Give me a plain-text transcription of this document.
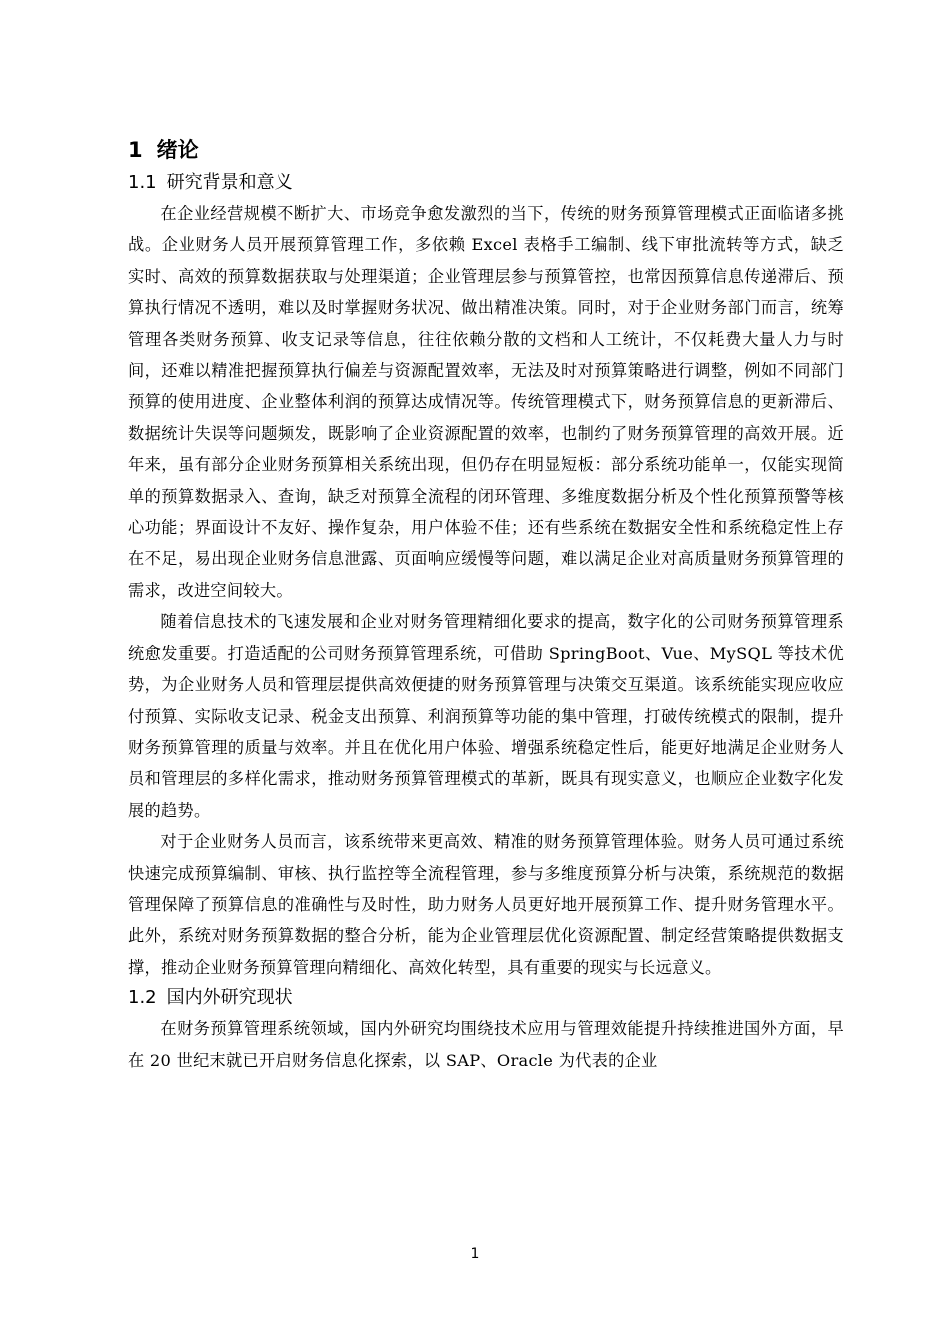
1 绪论
1.1 研究背景和意义

在企业经营规模不断扩大、市场竞争愈发激烈的当下，传统的财务预算管理模式正面临诸多挑战。企业财务人员开展预算管理工作，多依赖 Excel 表格手工编制、线下审批流转等方式，缺乏实时、高效的预算数据获取与处理渠道；企业管理层参与预算管控，也常因预算信息传递滞后、预算执行情况不透明，难以及时掌握财务状况、做出精准决策。同时，对于企业财务部门而言，统筹管理各类财务预算、收支记录等信息，往往依赖分散的文档和人工统计，不仅耗费大量人力与时间，还难以精准把握预算执行偏差与资源配置效率，无法及时对预算策略进行调整，例如不同部门预算的使用进度、企业整体利润的预算达成情况等。传统管理模式下，财务预算信息的更新滞后、数据统计失误等问题频发，既影响了企业资源配置的效率，也制约了财务预算管理的高效开展。近年来，虽有部分企业财务预算相关系统出现，但仍存在明显短板：部分系统功能单一，仅能实现简单的预算数据录入、查询，缺乏对预算全流程的闭环管理、多维度数据分析及个性化预算预警等核心功能；界面设计不友好、操作复杂，用户体验不佳；还有些系统在数据安全性和系统稳定性上存在不足，易出现企业财务信息泄露、页面响应缓慢等问题，难以满足企业对高质量财务预算管理的需求，改进空间较大。

随着信息技术的飞速发展和企业对财务管理精细化要求的提高，数字化的公司财务预算管理系统愈发重要。打造适配的公司财务预算管理系统，可借助 SpringBoot、Vue、MySQL 等技术优势，为企业财务人员和管理层提供高效便捷的财务预算管理与决策交互渠道。该系统能实现应收应付预算、实际收支记录、税金支出预算、利润预算等功能的集中管理，打破传统模式的限制，提升财务预算管理的质量与效率。并且在优化用户体验、增强系统稳定性后，能更好地满足企业财务人员和管理层的多样化需求，推动财务预算管理模式的革新，既具有现实意义，也顺应企业数字化发展的趋势。

对于企业财务人员而言，该系统带来更高效、精准的财务预算管理体验。财务人员可通过系统快速完成预算编制、审核、执行监控等全流程管理，参与多维度预算分析与决策，系统规范的数据管理保障了预算信息的准确性与及时性，助力财务人员更好地开展预算工作、提升财务管理水平。此外，系统对财务预算数据的整合分析，能为企业管理层优化资源配置、制定经营策略提供数据支撑，推动企业财务预算管理向精细化、高效化转型，具有重要的现实与长远意义。

1.2 国内外研究现状

在财务预算管理系统领域，国内外研究均围绕技术应用与管理效能提升持续推进国外方面，早在 20 世纪末就已开启财务信息化探索，以 SAP、Oracle 为代表的企业

1
